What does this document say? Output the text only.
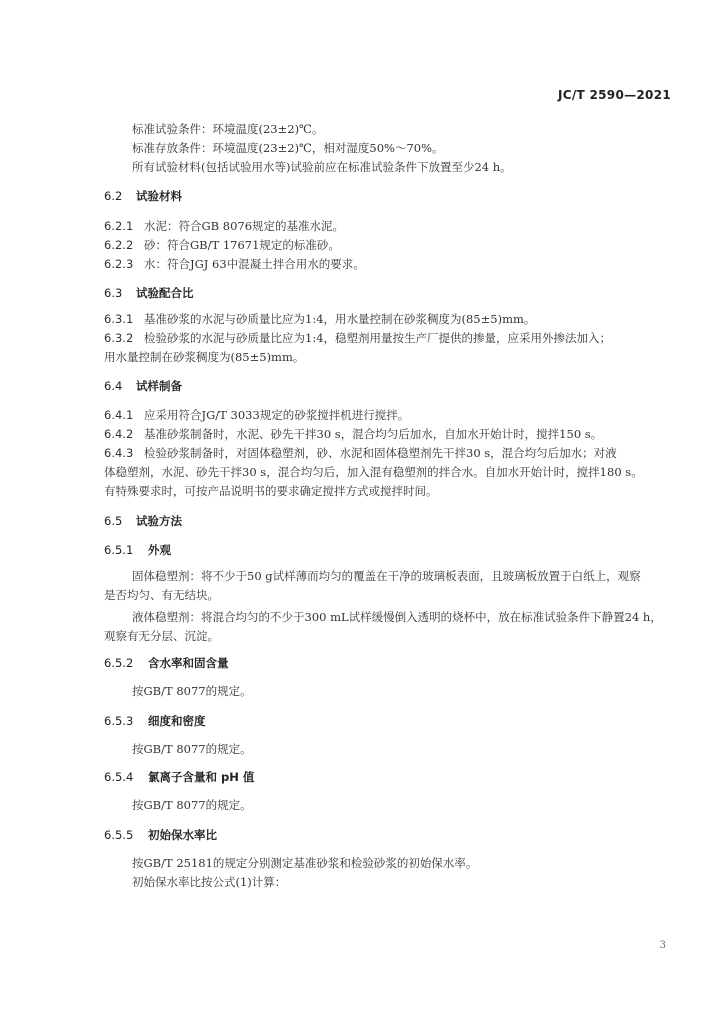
JC/T 2590—2021
标准试验条件：环境温度(23±2)℃。
标准存放条件：环境温度(23±2)℃，相对湿度50%～70%。
所有试验材料(包括试验用水等)试验前应在标准试验条件下放置至少24 h。
6.2 试验材料
6.2.1 水泥：符合GB 8076规定的基准水泥。
6.2.2 砂：符合GB/T 17671规定的标准砂。
6.2.3 水：符合JGJ 63中混凝土拌合用水的要求。
6.3 试验配合比
6.3.1 基准砂浆的水泥与砂质量比应为1:4，用水量控制在砂浆稠度为(85±5)mm。
6.3.2 检验砂浆的水泥与砂质量比应为1:4，稳塑剂用量按生产厂提供的掺量，应采用外掺法加入；
用水量控制在砂浆稠度为(85±5)mm。
6.4 试样制备
6.4.1 应采用符合JG/T 3033规定的砂浆搅拌机进行搅拌。
6.4.2 基准砂浆制备时，水泥、砂先干拌30 s，混合均匀后加水，自加水开始计时，搅拌150 s。
6.4.3 检验砂浆制备时，对固体稳塑剂，砂、水泥和固体稳塑剂先干拌30 s，混合均匀后加水；对液
体稳塑剂，水泥、砂先干拌30 s，混合均匀后，加入混有稳塑剂的拌合水。自加水开始计时，搅拌180 s。
有特殊要求时，可按产品说明书的要求确定搅拌方式或搅拌时间。
6.5 试验方法
6.5.1 外观
固体稳塑剂：将不少于50 g试样薄而均匀的覆盖在干净的玻璃板表面，且玻璃板放置于白纸上，观察
是否均匀、有无结块。
液体稳塑剂：将混合均匀的不少于300 mL试样缓慢倒入透明的烧杯中，放在标准试验条件下静置24 h，
观察有无分层、沉淀。
6.5.2 含水率和固含量
按GB/T 8077的规定。
6.5.3 细度和密度
按GB/T 8077的规定。
6.5.4 氯离子含量和 pH 值
按GB/T 8077的规定。
6.5.5 初始保水率比
按GB/T 25181的规定分别测定基准砂浆和检验砂浆的初始保水率。
初始保水率比按公式(1)计算：
3
